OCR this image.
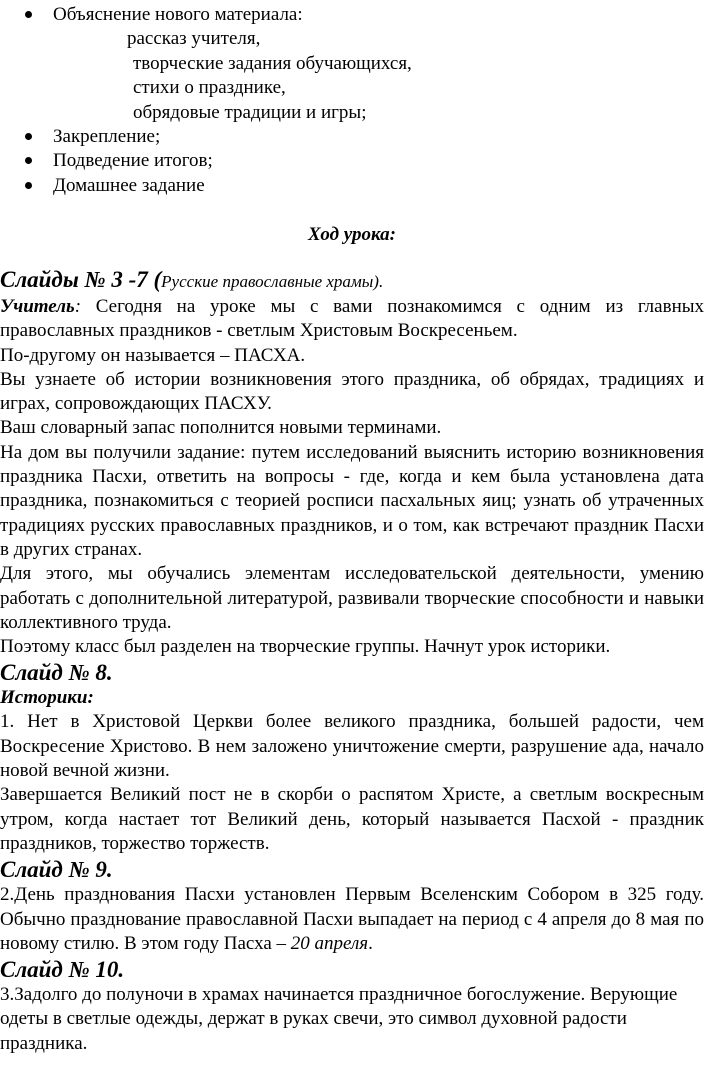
Объяснение нового материала:
рассказ учителя,
творческие задания обучающихся,
стихи о празднике,
обрядовые традиции и игры;
Закрепление;
Подведение итогов;
Домашнее задание
Ход урока:

Слайды № 3 -7 (Русские православные храмы).

Учитель: Сегодня на уроке мы с вами познакомимся с одним из главных православных праздников - светлым Христовым Воскресеньем.

По-другому он называется – ПАСХА.

Вы узнаете об истории возникновения этого праздника, об обрядах, традициях и играх, сопровождающих ПАСХУ.

Ваш словарный запас пополнится новыми терминами.

На дом вы получили задание: путем исследований выяснить историю возникновения праздника Пасхи, ответить на вопросы - где, когда и кем была установлена дата праздника, познакомиться с теорией росписи пасхальных яиц; узнать об утраченных традициях русских православных праздников, и о том, как встречают праздник Пасхи в других странах.

Для этого, мы обучались элементам исследовательской деятельности, умению работать с дополнительной литературой, развивали творческие способности и навыки коллективного труда.

Поэтому класс был разделен на творческие группы. Начнут урок историки.

Слайд № 8.

Историки:

1. Нет в Христовой Церкви более великого праздника, большей радости, чем Воскресение Христово. В нем заложено уничтожение смерти, разрушение ада, начало новой вечной жизни.

Завершается Великий пост не в скорби о распятом Христе, а светлым воскресным утром, когда настает тот Великий день, который называется Пасхой - праздник праздников, торжество торжеств.

Слайд № 9.

2.День празднования Пасхи установлен Первым Вселенским Собором в 325 году. Обычно празднование православной Пасхи выпадает на период с 4 апреля до 8 мая по новому стилю. В этом году Пасха – 20 апреля.

Слайд № 10.

3.Задолго до полуночи в храмах начинается праздничное богослужение. Верующие одеты в светлые одежды, держат в руках свечи, это символ духовной радости праздника.
